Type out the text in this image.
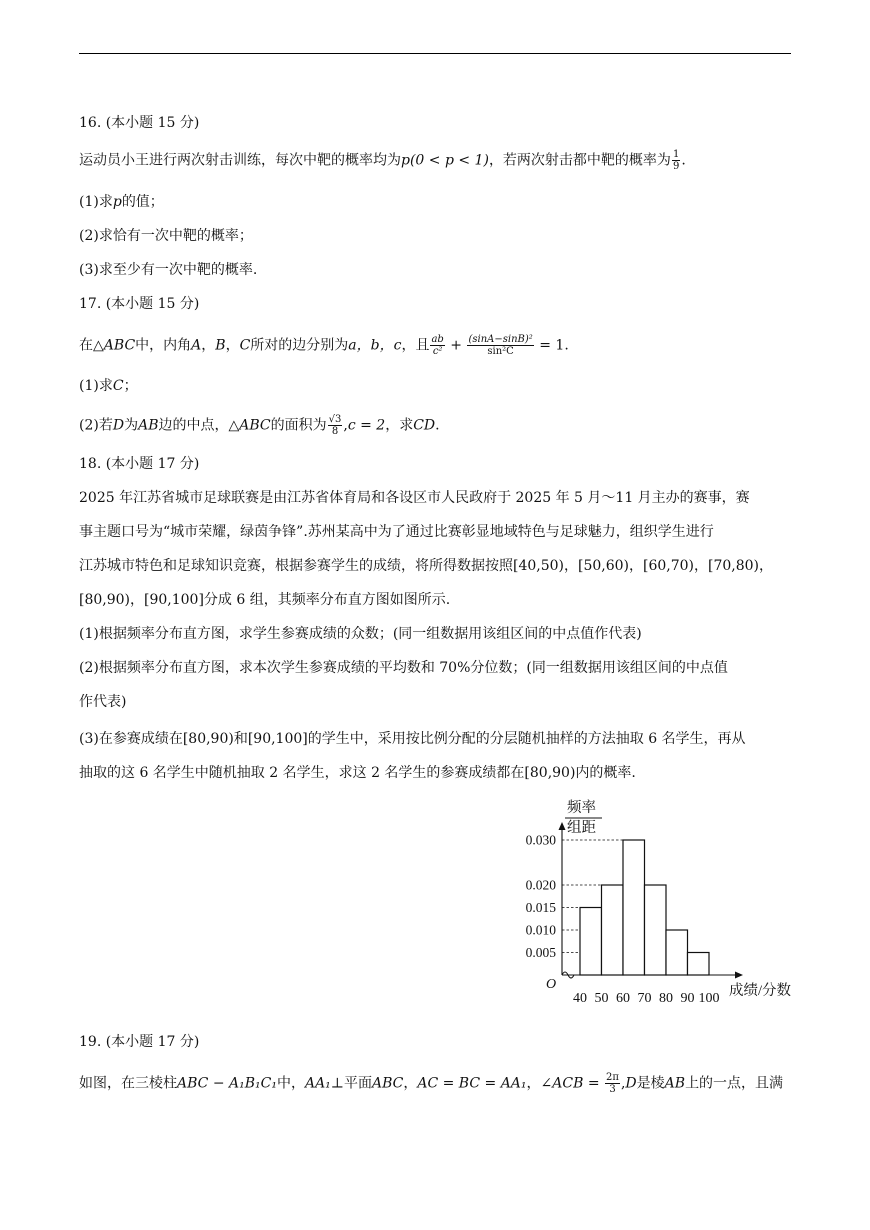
16. (本小题 15 分)
运动员小王进行两次射击训练，每次中靶的概率均为p(0 < p < 1)，若两次射击都中靶的概率为 $\frac{1}{9}$ .
(1)求p的值；
(2)求恰有一次中靶的概率；
(3)求至少有一次中靶的概率.
17. (本小题 15 分)
在△ABC中，内角A，B，C所对的边分别为a，b，c，且 $\frac{ab}{\text{c²}} + \frac{\text{(sinA−sinB)²}}{\text{sin²C}} = 1$.
(1)求C；
(2)若D为AB边的中点，△ABC的面积为 $\frac{√3}{8} ,c = 2$，求CD.
18. (本小题 17 分)
2025 年江苏省城市足球联赛是由江苏省体育局和各设区市人民政府于 2025 年 5 月～11 月主办的赛事，赛
事主题口号为“城市荣耀，绿茵争锋”.苏州某高中为了通过比赛彰显地域特色与足球魅力，组织学生进行
江苏城市特色和足球知识竞赛，根据参赛学生的成绩，将所得数据按照[40,50)，[50,60)，[60,70)，[70,80)，
[80,90)，[90,100]分成 6 组，其频率分布直方图如图所示.
(1)根据频率分布直方图，求学生参赛成绩的众数；(同一组数据用该组区间的中点值作代表)
(2)根据频率分布直方图，求本次学生参赛成绩的平均数和 70%分位数；(同一组数据用该组区间的中点值
作代表)
(3)在参赛成绩在[80,90)和[90,100]的学生中，采用按比例分配的分层随机抽样的方法抽取 6 名学生，再从
抽取的这 6 名学生中随机抽取 2 名学生，求这 2 名学生的参赛成绩都在[80,90)内的概率.
0.030
0.020
0.015
0.010
0.005
40 50 60 70 80 90 100
O	成绩/分数
频率
组距
19. (本小题 17 分)
如图，在三棱柱ABC − A₁B₁C₁中，AA₁⊥平面ABC，AC = BC = AA₁，∠ACB = $\frac{2\pi}{3} ,D$是棱AB上的一点，且满
